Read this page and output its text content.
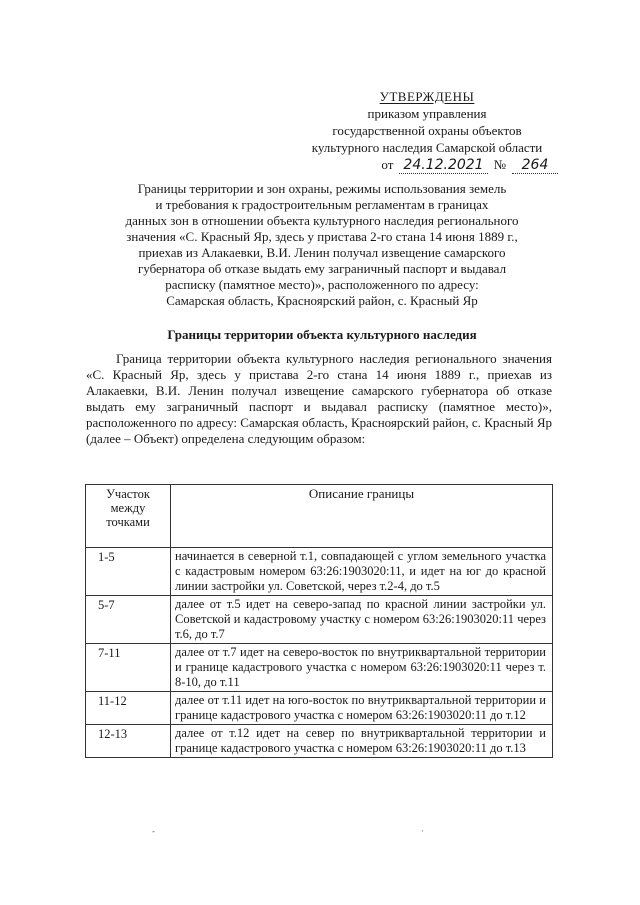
УТВЕРЖДЕНЫ
приказом управления
государственной охраны объектов
культурного наследия Самарской области
от 24.12.2021 №	264
Границы территории и зон охраны, режимы использования земель
и требования к градостроительным регламентам в границах
данных зон в отношении объекта культурного наследия регионального
значения «С. Красный Яр, здесь у пристава 2-го стана 14 июня 1889 г.,
приехав из Алакаевки, В.И. Ленин получал извещение самарского
губернатора об отказе выдать ему заграничный паспорт и выдавал
расписку (памятное место)», расположенного по адресу:
Самарская область, Красноярский район, с. Красный Яр
Границы территории объекта культурного наследия

Граница территории объекта культурного наследия регионального значения «С. Красный Яр, здесь у пристава 2-го стана 14 июня 1889 г., приехав из Алакаевки, В.И. Ленин получал извещение самарского губернатора об отказе выдать ему заграничный паспорт и выдавал расписку (памятное место)», расположенного по адресу: Самарская область, Красноярский район, с. Красный Яр (далее – Объект) определена следующим образом:

Участок между точками	Описание границы
1-5	начинается в северной т.1, совпадающей с углом земельного участка с кадастровым номером 63:26:1903020:11, и идет на юг до красной линии застройки ул. Советской, через т.2-4, до т.5
5-7	далее от т.5 идет на северо-запад по красной линии застройки ул. Советской и кадастровому участку с номером 63:26:1903020:11 через т.6, до т.7
7-11	далее от т.7 идет на северо-восток по внутриквартальной территории и границе кадастрового участка с номером 63:26:1903020:11 через т. 8-10, до т.11
11-12	далее от т.11 идет на юго-восток по внутриквартальной территории и границе кадастрового участка с номером 63:26:1903020:11 до т.12
12-13	далее от т.12 идет на север по внутриквартальной территории и границе кадастрового участка с номером 63:26:1903020:11 до т.13
‐	·
